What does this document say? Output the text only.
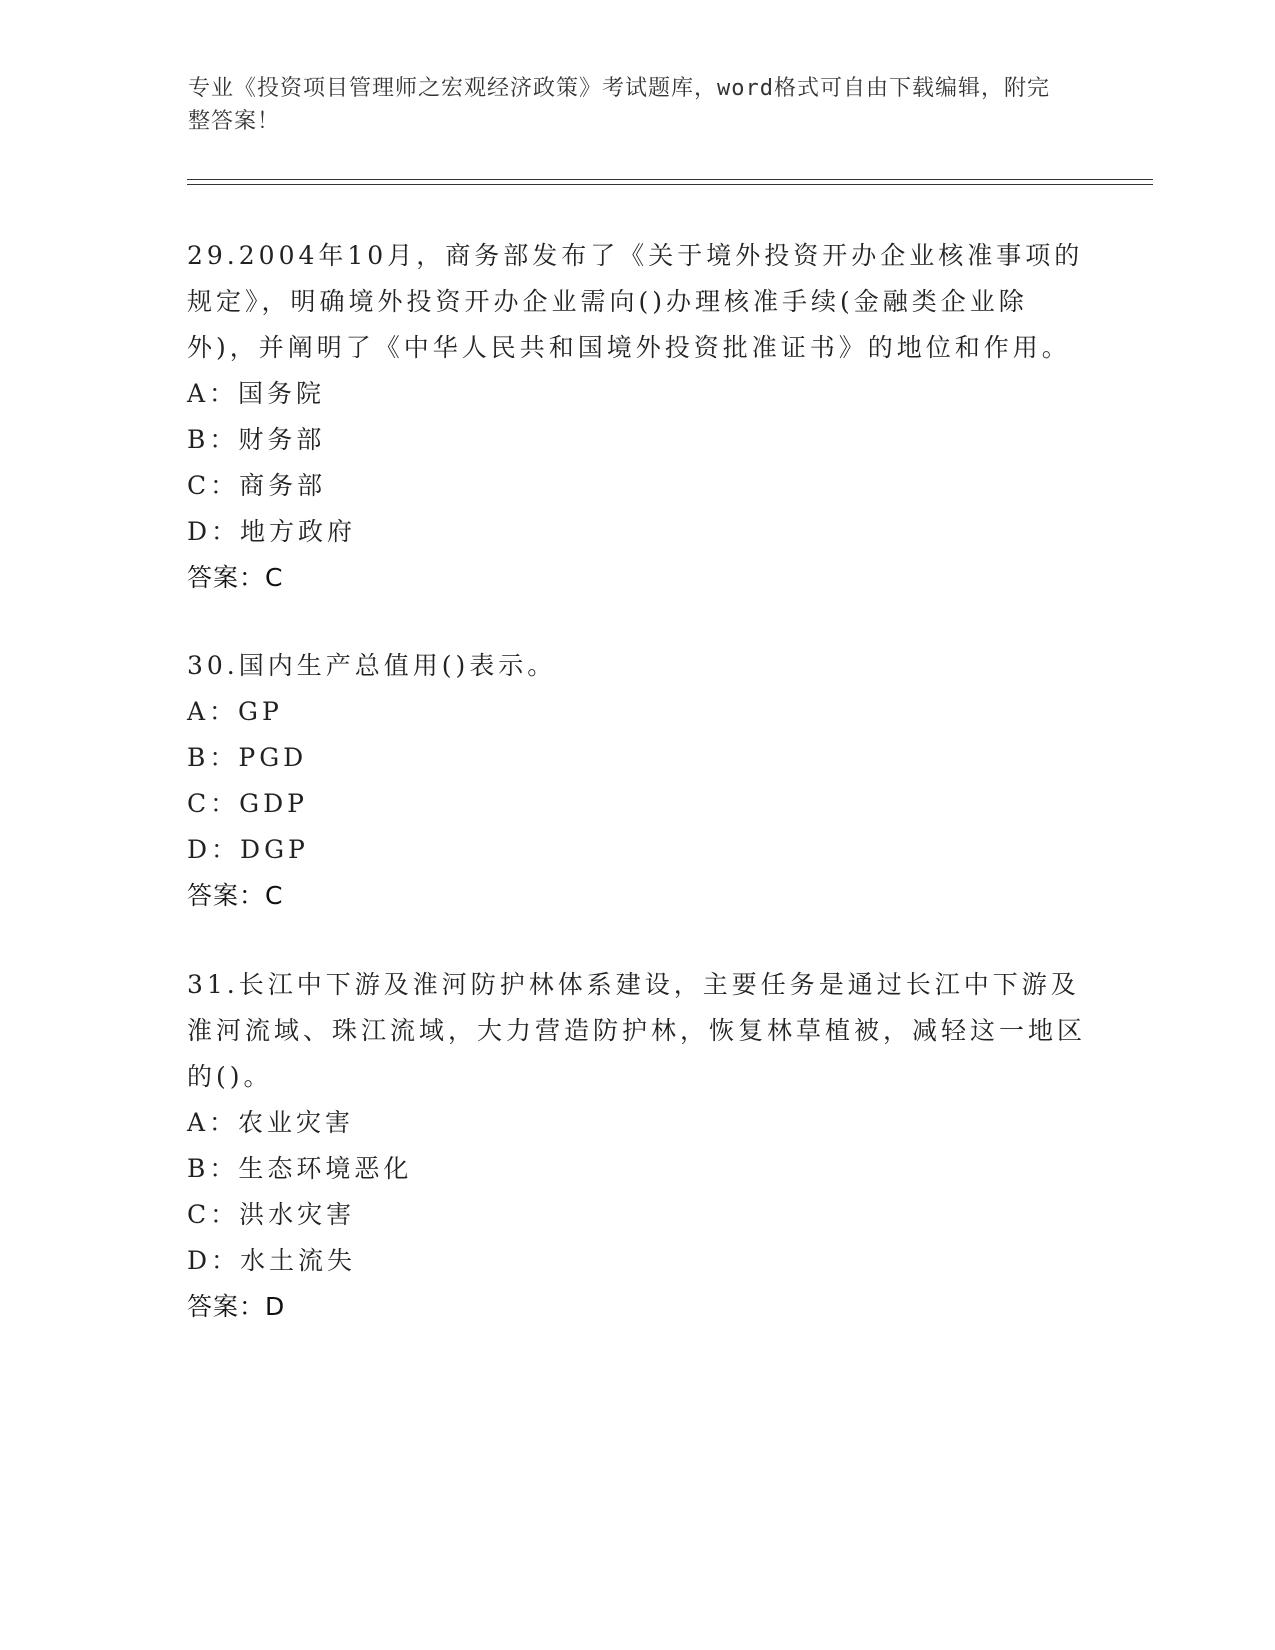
专业《投资项目管理师之宏观经济政策》考试题库，word格式可自由下载编辑，附完整答案！

29.2004年10月，商务部发布了《关于境外投资开办企业核准事项的规定》，明确境外投资开办企业需向()办理核准手续(金融类企业除外)，并阐明了《中华人民共和国境外投资批准证书》的地位和作用。

A：国务院

B：财务部

C：商务部

D：地方政府

答案：C

30.国内生产总值用()表示。

A：GP

B：PGD

C：GDP

D：DGP

答案：C

31.长江中下游及淮河防护林体系建设，主要任务是通过长江中下游及淮河流域、珠江流域，大力营造防护林，恢复林草植被，减轻这一地区的()。

A：农业灾害

B：生态环境恶化

C：洪水灾害

D：水土流失

答案：D
